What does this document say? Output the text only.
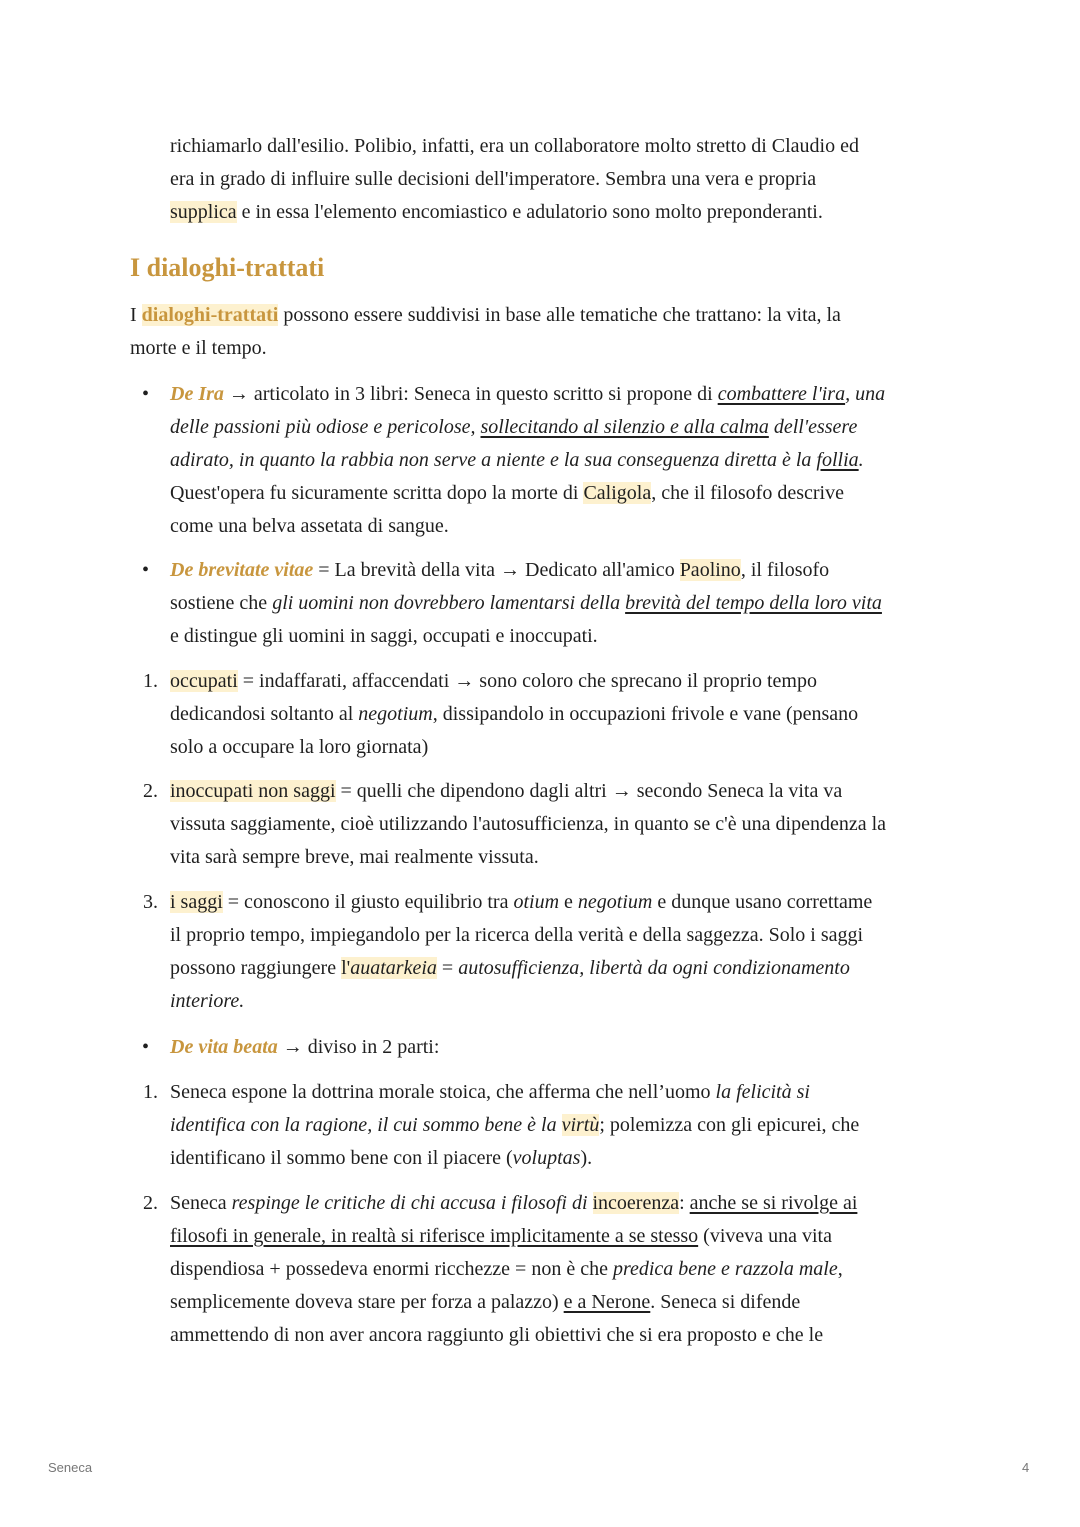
richiamarlo dall'esilio. Polibio, infatti, era un collaboratore molto stretto di Claudio ed

era in grado di influire sulle decisioni dell'imperatore. Sembra una vera e propria

supplica e in essa l'elemento encomiastico e adulatorio sono molto preponderanti.

I dialoghi-trattati

I dialoghi-trattati possono essere suddivisi in base alle tematiche che trattano: la vita, la

morte e il tempo.

• De Ira → articolato in 3 libri: Seneca in questo scritto si propone di combattere l'ira, una

delle passioni più odiose e pericolose, sollecitando al silenzio e alla calma dell'essere

adirato, in quanto la rabbia non serve a niente e la sua conseguenza diretta è la follia.

Quest'opera fu sicuramente scritta dopo la morte di Caligola, che il filosofo descrive

come una belva assetata di sangue.

• De brevitate vitae = La brevità della vita → Dedicato all'amico Paolino, il filosofo

sostiene che gli uomini non dovrebbero lamentarsi della brevità del tempo della loro vita

e distingue gli uomini in saggi, occupati e inoccupati.

1. occupati = indaffarati, affaccendati → sono coloro che sprecano il proprio tempo

dedicandosi soltanto al negotium, dissipandolo in occupazioni frivole e vane (pensano

solo a occupare la loro giornata)

2. inoccupati non saggi = quelli che dipendono dagli altri → secondo Seneca la vita va

vissuta saggiamente, cioè utilizzando l'autosufficienza, in quanto se c'è una dipendenza la

vita sarà sempre breve, mai realmente vissuta.

3. i saggi = conoscono il giusto equilibrio tra otium e negotium e dunque usano correttame

il proprio tempo, impiegandolo per la ricerca della verità e della saggezza. Solo i saggi

possono raggiungere l'auatarkeia = autosufficienza, libertà da ogni condizionamento

interiore.

• De vita beata → diviso in 2 parti:

1. Seneca espone la dottrina morale stoica, che afferma che nell’uomo la felicità si

identifica con la ragione, il cui sommo bene è la virtù; polemizza con gli epicurei, che

identificano il sommo bene con il piacere (voluptas).

2. Seneca respinge le critiche di chi accusa i filosofi di incoerenza: anche se si rivolge ai

filosofi in generale, in realtà si riferisce implicitamente a se stesso (viveva una vita

dispendiosa + possedeva enormi ricchezze = non è che predica bene e razzola male,

semplicemente doveva stare per forza a palazzo) e a Nerone. Seneca si difende

ammettendo di non aver ancora raggiunto gli obiettivi che si era proposto e che le

Seneca	4
